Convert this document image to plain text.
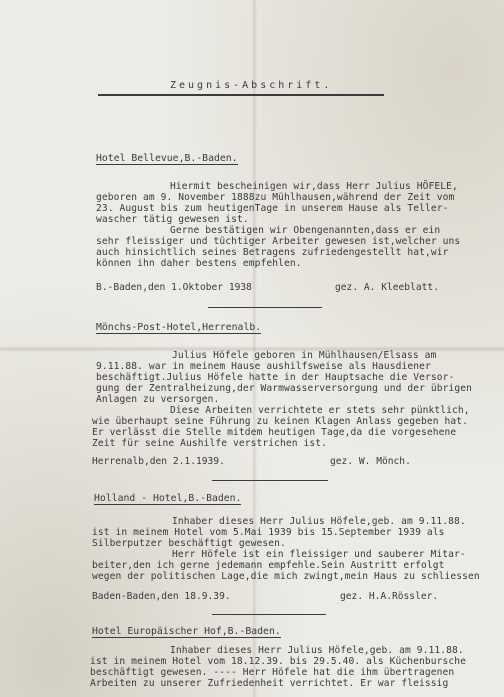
Zeugnis-Abschrift.
Hotel Bellevue,B.-Baden.
Hiermit bescheinigen wir,dass Herr Julius HÖFELE,
geboren am 9. November 1888zu Mühlhausen,während der Zeit vom
23. August bis zum heutigenTage in unserem Hause als Teller-
wascher tätig gewesen ist.
Gerne bestätigen wir Obengenannten,dass er ein
sehr fleissiger und tüchtiger Arbeiter gewesen ist,welcher uns
auch hinsichtlich seines Betragens zufriedengestellt hat,wir
können ihn daher bestens empfehlen.
B.-Baden,den 1.Oktober 1938	gez. A. Kleeblatt.
Mönchs-Post-Hotel,Herrenalb.
Julius Höfele geboren in Mühlhausen/Elsass am
9.11.88. war in meinem Hause aushilfsweise als Hausdiener
beschäftigt.Julius Höfele hatte in der Hauptsache die Versor-
gung der Zentralheizung,der Warmwasserversorgung und der übrigen
Anlagen zu versorgen.
Diese Arbeiten verrichtete er stets sehr pünktlich,
wie überhaupt seine Führung zu keinen Klagen Anlass gegeben hat.
Er verlässt die Stelle mitdem heutigen Tage,da die vorgesehene
Zeit für seine Aushilfe verstrichen ist.
Herrenalb,den 2.1.1939.	gez. W. Mönch.
Holland - Hotel,B.-Baden.
Inhaber dieses Herr Julius Höfele,geb. am 9.11.88.
ist in meinem Hotel vom 5.Mai 1939 bis 15.September 1939 als
Silberputzer beschäftigt gewesen.
Herr Höfele ist ein fleissiger und sauberer Mitar-
beiter,den ich gerne jedemann empfehle.Sein Austritt erfolgt
wegen der politischen Lage,die mich zwingt,mein Haus zu schliessen
Baden-Baden,den 18.9.39.	gez. H.A.Rössler.
Hotel Europäischer Hof,B.-Baden.
Inhaber dieses Herr Julius Höfele,geb. am 9.11.88.
ist in meinem Hotel vom 18.12.39. bis 29.5.40. als Küchenbursche
beschäftigt gewesen. ---- Herr Höfele hat die ihm übertragenen
Arbeiten zu unserer Zufriedenheit verrichtet. Er war fleissig
